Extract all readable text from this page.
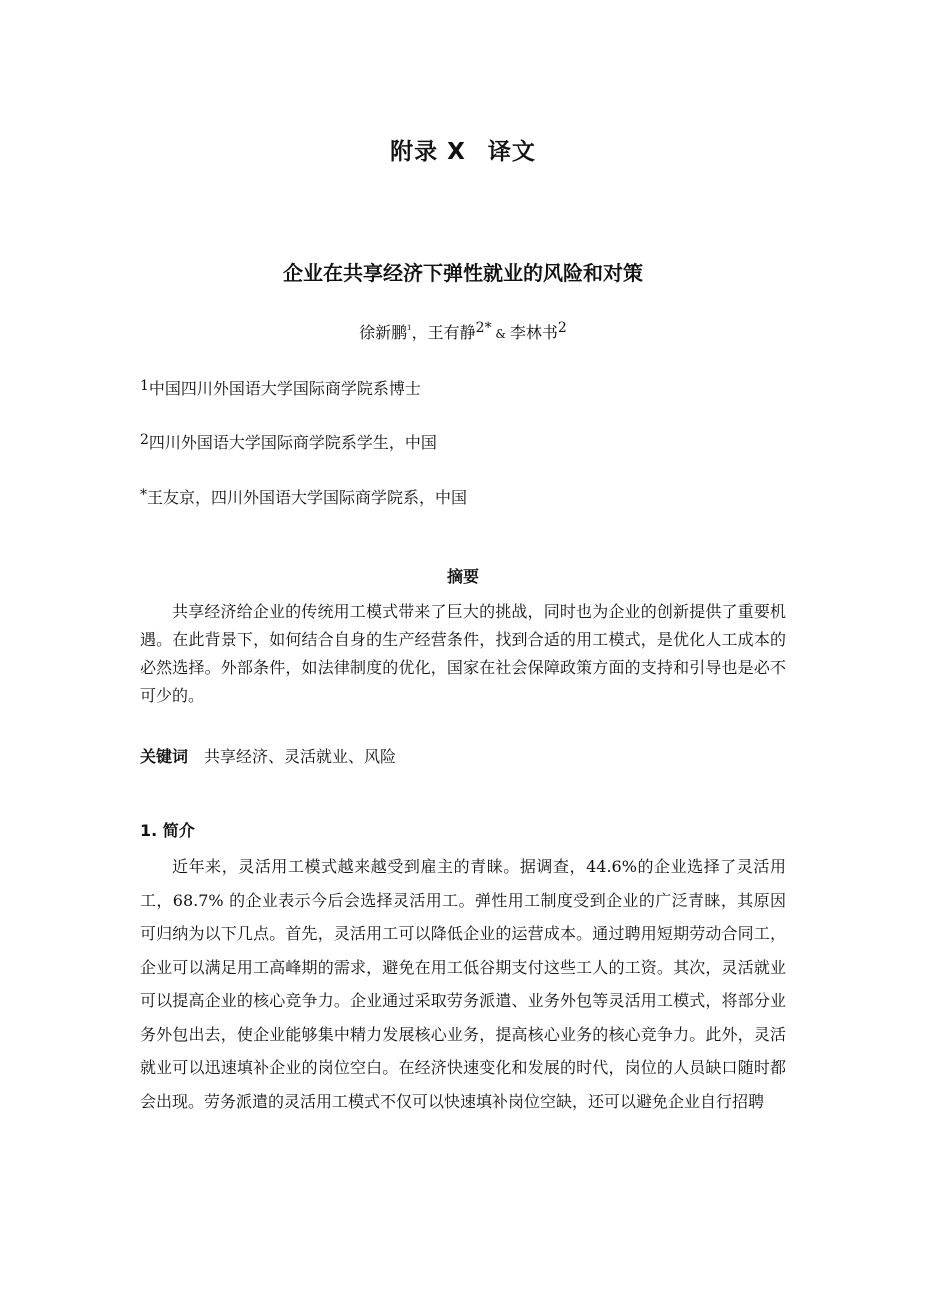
附录 X 译文
企业在共享经济下弹性就业的风险和对策
徐新鹏$^1$，王有静$^{2*}$ & 李林书$^2$
$^1$中国四川外国语大学国际商学院系博士
$^2$四川外国语大学国际商学院系学生，中国
*王友京，四川外国语大学国际商学院系，中国
摘要
共享经济给企业的传统用工模式带来了巨大的挑战，同时也为企业的创新提供了重要机遇。在此背景下，如何结合自身的生产经营条件，找到合适的用工模式，是优化人工成本的必然选择。外部条件，如法律制度的优化，国家在社会保障政策方面的支持和引导也是必不可少的。
关键词 共享经济、灵活就业、风险
1. 简介
近年来，灵活用工模式越来越受到雇主的青睐。据调查，44.6%的企业选择了灵活用工，68.7% 的企业表示今后会选择灵活用工。弹性用工制度受到企业的广泛青睐，其原因可归纳为以下几点。首先，灵活用工可以降低企业的运营成本。通过聘用短期劳动合同工，企业可以满足用工高峰期的需求，避免在用工低谷期支付这些工人的工资。其次，灵活就业可以提高企业的核心竞争力。企业通过采取劳务派遣、业务外包等灵活用工模式，将部分业务外包出去，使企业能够集中精力发展核心业务，提高核心业务的核心竞争力。此外，灵活就业可以迅速填补企业的岗位空白。在经济快速变化和发展的时代，岗位的人员缺口随时都会出现。劳务派遣的灵活用工模式不仅可以快速填补岗位空缺，还可以避免企业自行招聘
